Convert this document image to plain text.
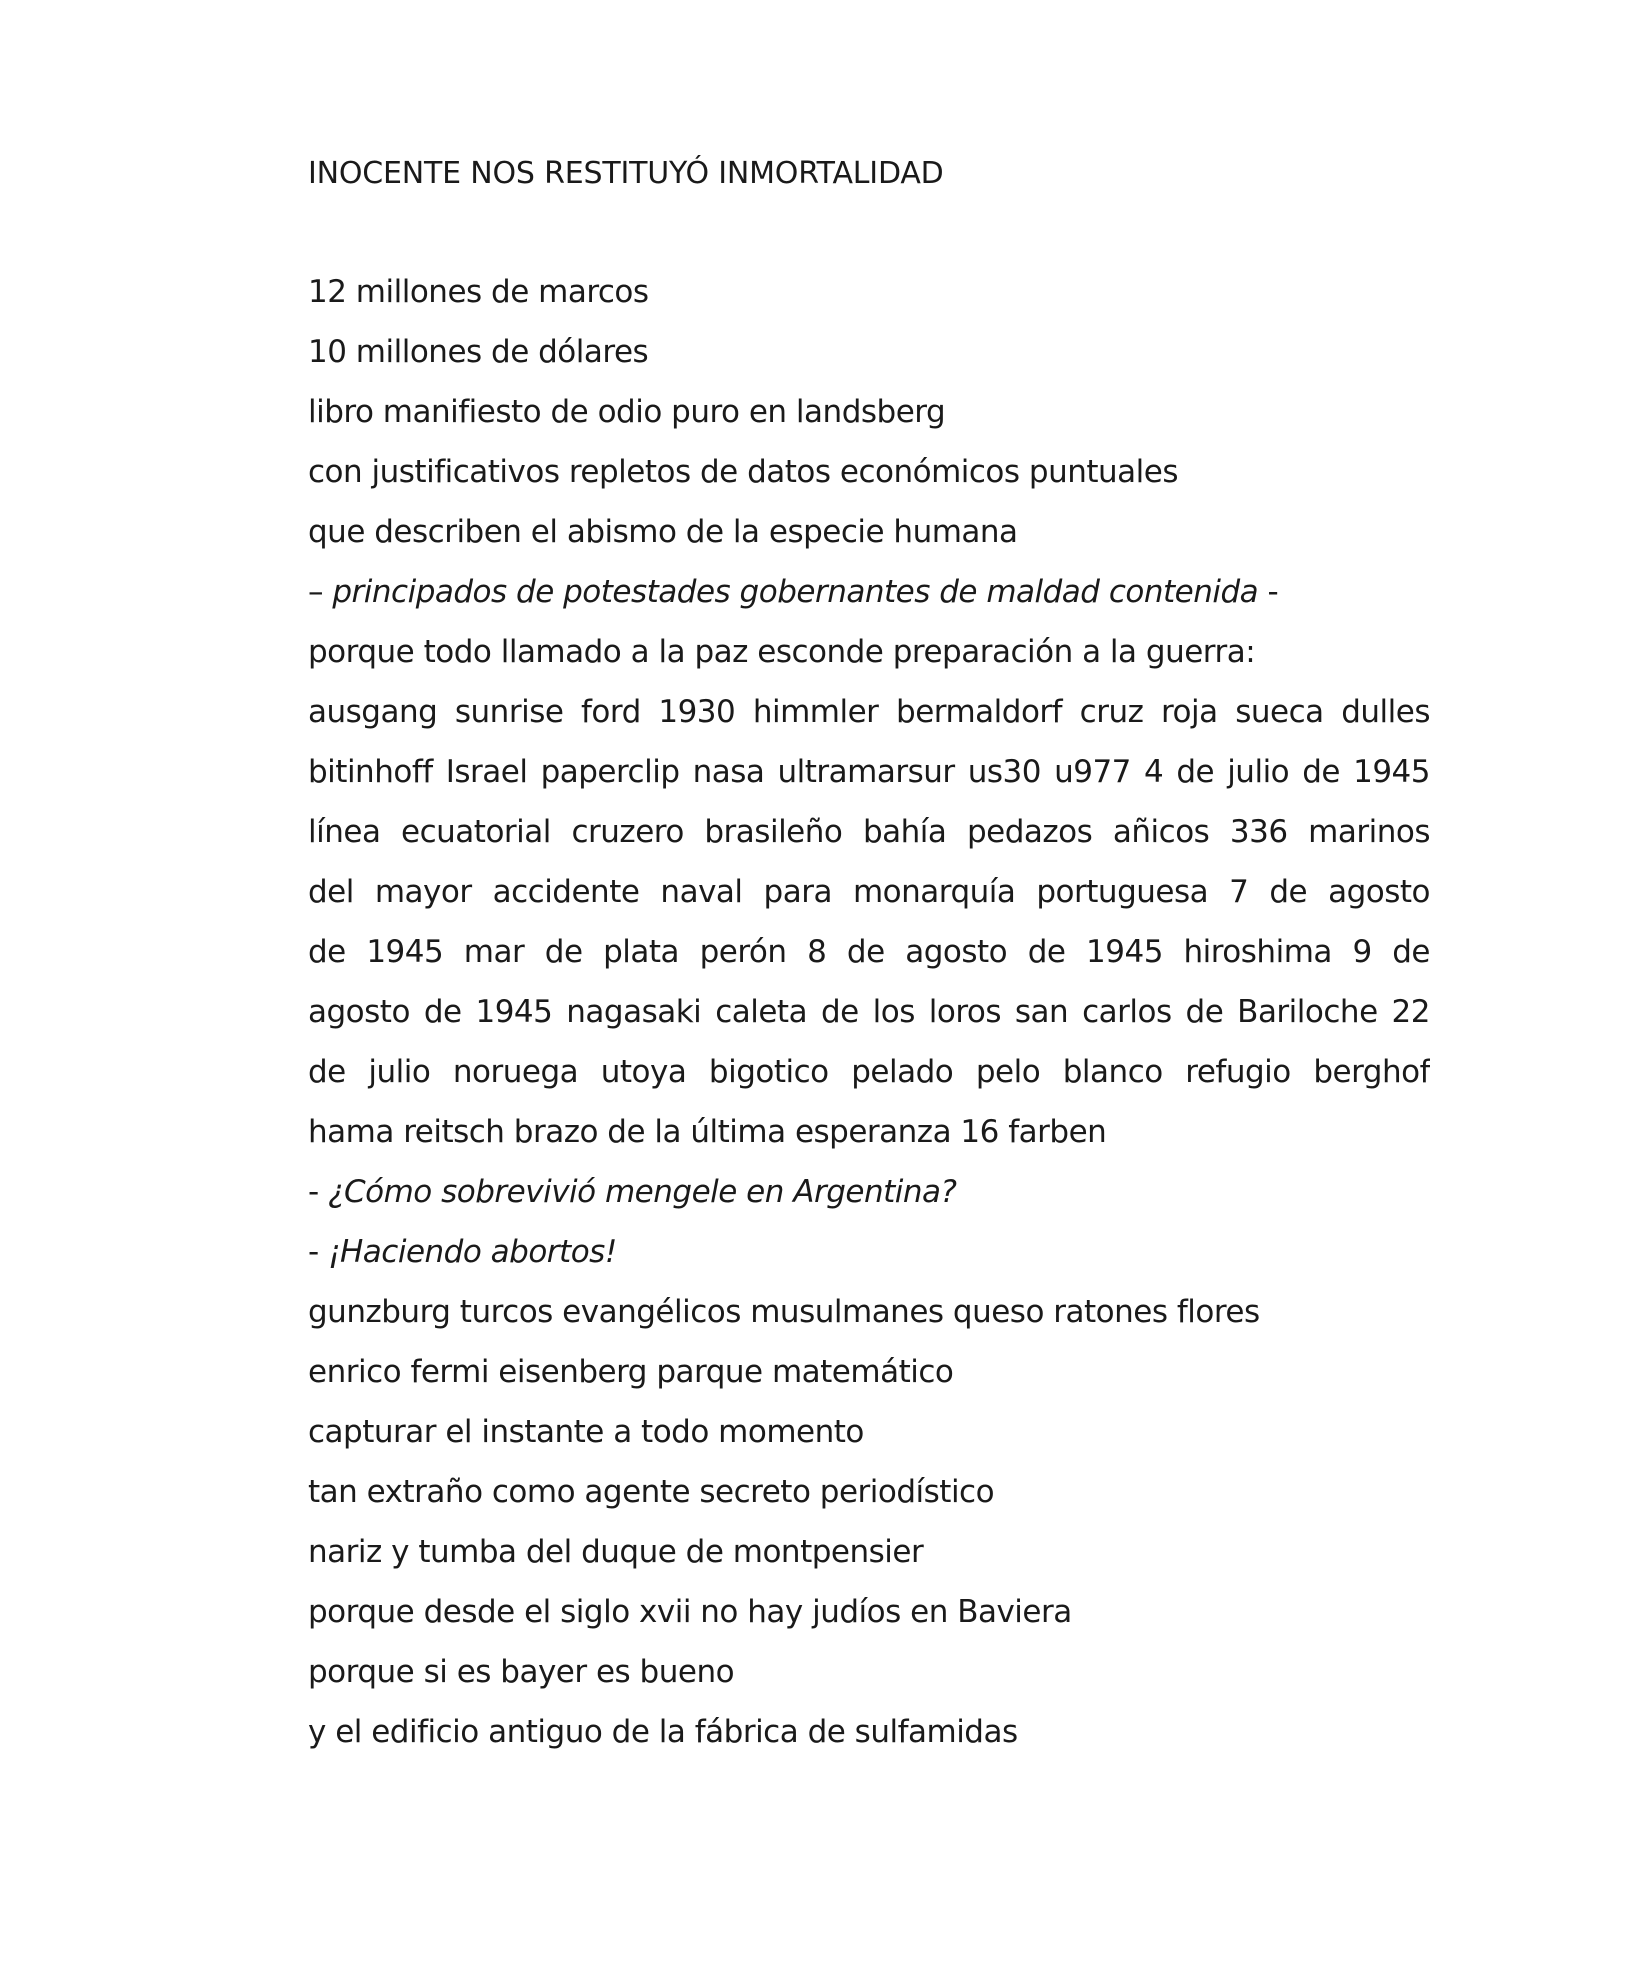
INOCENTE NOS RESTITUYÓ INMORTALIDAD
12 millones de marcos
10 millones de dólares
libro manifiesto de odio puro en landsberg
con justificativos repletos de datos económicos puntuales
que describen el abismo de la especie humana
– principados de potestades gobernantes de maldad contenida -
porque todo llamado a la paz esconde preparación a la guerra:
ausgang sunrise ford 1930 himmler bermaldorf cruz roja sueca dulles
bitinhoff Israel paperclip nasa ultramarsur us30 u977 4 de julio de 1945
línea ecuatorial cruzero brasileño bahía pedazos añicos 336 marinos
del mayor accidente naval para monarquía portuguesa 7 de agosto
de 1945 mar de plata perón 8 de agosto de 1945 hiroshima 9 de
agosto de 1945 nagasaki caleta de los loros san carlos de Bariloche 22
de julio noruega utoya bigotico pelado pelo blanco refugio berghof
hama reitsch brazo de la última esperanza 16 farben
- ¿Cómo sobrevivió mengele en Argentina?
- ¡Haciendo abortos!
gunzburg turcos evangélicos musulmanes queso ratones flores
enrico fermi eisenberg parque matemático
capturar el instante a todo momento
tan extraño como agente secreto periodístico
nariz y tumba del duque de montpensier
porque desde el siglo xvii no hay judíos en Baviera
porque si es bayer es bueno
y el edificio antiguo de la fábrica de sulfamidas
